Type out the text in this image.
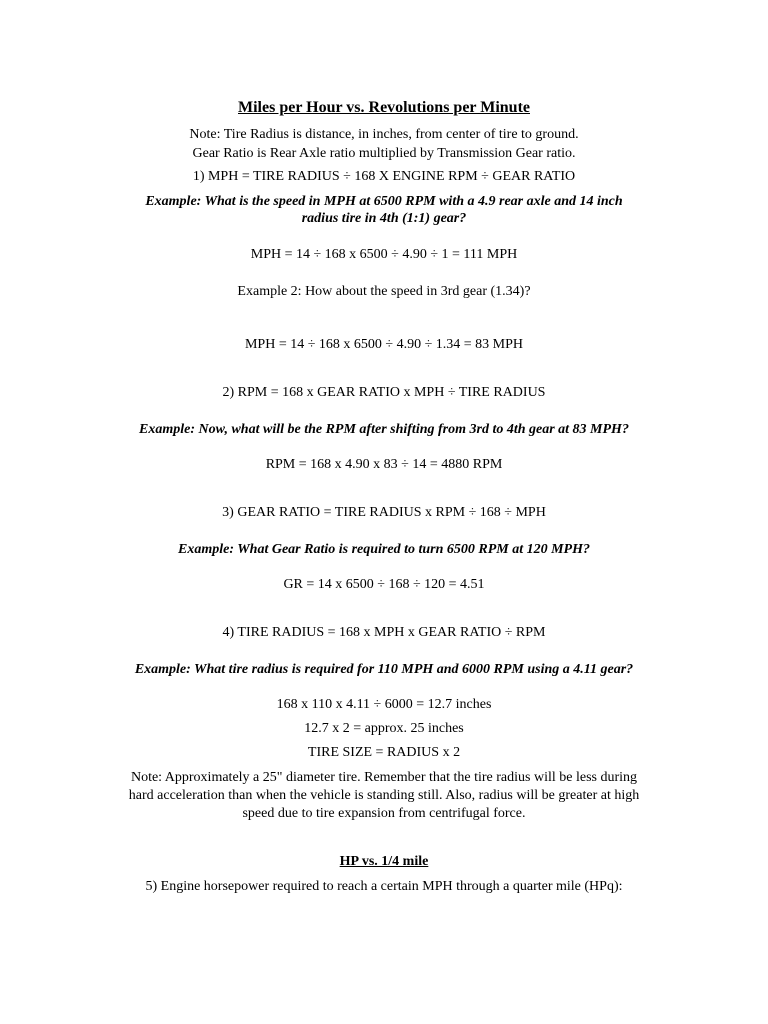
Miles per Hour vs. Revolutions per Minute
Note: Tire Radius is distance, in inches, from center of tire to ground.
Gear Ratio is Rear Axle ratio multiplied by Transmission Gear ratio.
1) MPH = TIRE RADIUS ÷ 168 X ENGINE RPM ÷ GEAR RATIO
Example: What is the speed in MPH at 6500 RPM with a 4.9 rear axle and 14 inch
radius tire in 4th (1:1) gear?
MPH = 14 ÷ 168 x 6500 ÷ 4.90 ÷ 1 = 111 MPH
Example 2: How about the speed in 3rd gear (1.34)?
MPH = 14 ÷ 168 x 6500 ÷ 4.90 ÷ 1.34 = 83 MPH
2) RPM = 168 x GEAR RATIO x MPH ÷ TIRE RADIUS
Example: Now, what will be the RPM after shifting from 3rd to 4th gear at 83 MPH?
RPM = 168 x 4.90 x 83 ÷ 14 = 4880 RPM
3) GEAR RATIO = TIRE RADIUS x RPM ÷ 168 ÷ MPH
Example: What Gear Ratio is required to turn 6500 RPM at 120 MPH?
GR = 14 x 6500 ÷ 168 ÷ 120 = 4.51
4) TIRE RADIUS = 168 x MPH x GEAR RATIO ÷ RPM
Example: What tire radius is required for 110 MPH and 6000 RPM using a 4.11 gear?
168 x 110 x 4.11 ÷ 6000 = 12.7 inches
12.7 x 2 = approx. 25 inches
TIRE SIZE = RADIUS x 2
Note: Approximately a 25" diameter tire. Remember that the tire radius will be less during
hard acceleration than when the vehicle is standing still. Also, radius will be greater at high
speed due to tire expansion from centrifugal force.
HP vs. 1/4 mile
5) Engine horsepower required to reach a certain MPH through a quarter mile (HPq):
